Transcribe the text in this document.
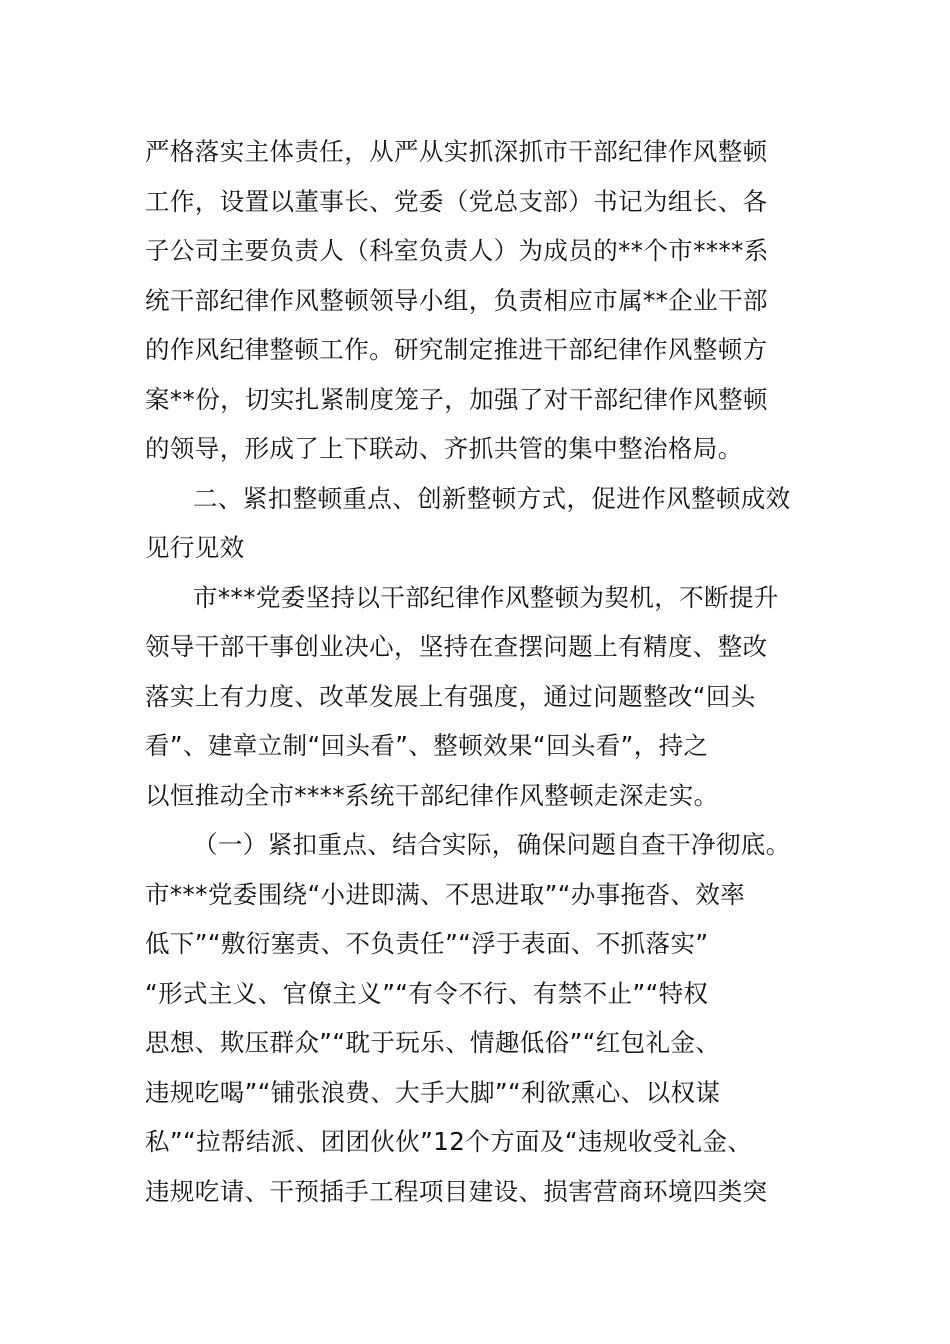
严格落实主体责任，从严从实抓深抓市干部纪律作风整顿
工作，设置以董事长、党委（党总支部）书记为组长、各
子公司主要负责人（科室负责人）为成员的**个市****系
统干部纪律作风整顿领导小组，负责相应市属**企业干部
的作风纪律整顿工作。研究制定推进干部纪律作风整顿方
案**份，切实扎紧制度笼子，加强了对干部纪律作风整顿
的领导，形成了上下联动、齐抓共管的集中整治格局。
二、紧扣整顿重点、创新整顿方式，促进作风整顿成效
见行见效
市***党委坚持以干部纪律作风整顿为契机，不断提升
领导干部干事创业决心，坚持在查摆问题上有精度、整改
落实上有力度、改革发展上有强度，通过问题整改“回头
看”、建章立制“回头看”、整顿效果“回头看”，持之
以恒推动全市****系统干部纪律作风整顿走深走实。
（一）紧扣重点、结合实际，确保问题自查干净彻底。
市***党委围绕“小进即满、不思进取”“办事拖沓、效率
低下”“敷衍塞责、不负责任”“浮于表面、不抓落实”
“形式主义、官僚主义”“有令不行、有禁不止”“特权
思想、欺压群众”“耽于玩乐、情趣低俗”“红包礼金、
违规吃喝”“铺张浪费、大手大脚”“利欲熏心、以权谋
私”“拉帮结派、团团伙伙”12个方面及“违规收受礼金、
违规吃请、干预插手工程项目建设、损害营商环境四类突
